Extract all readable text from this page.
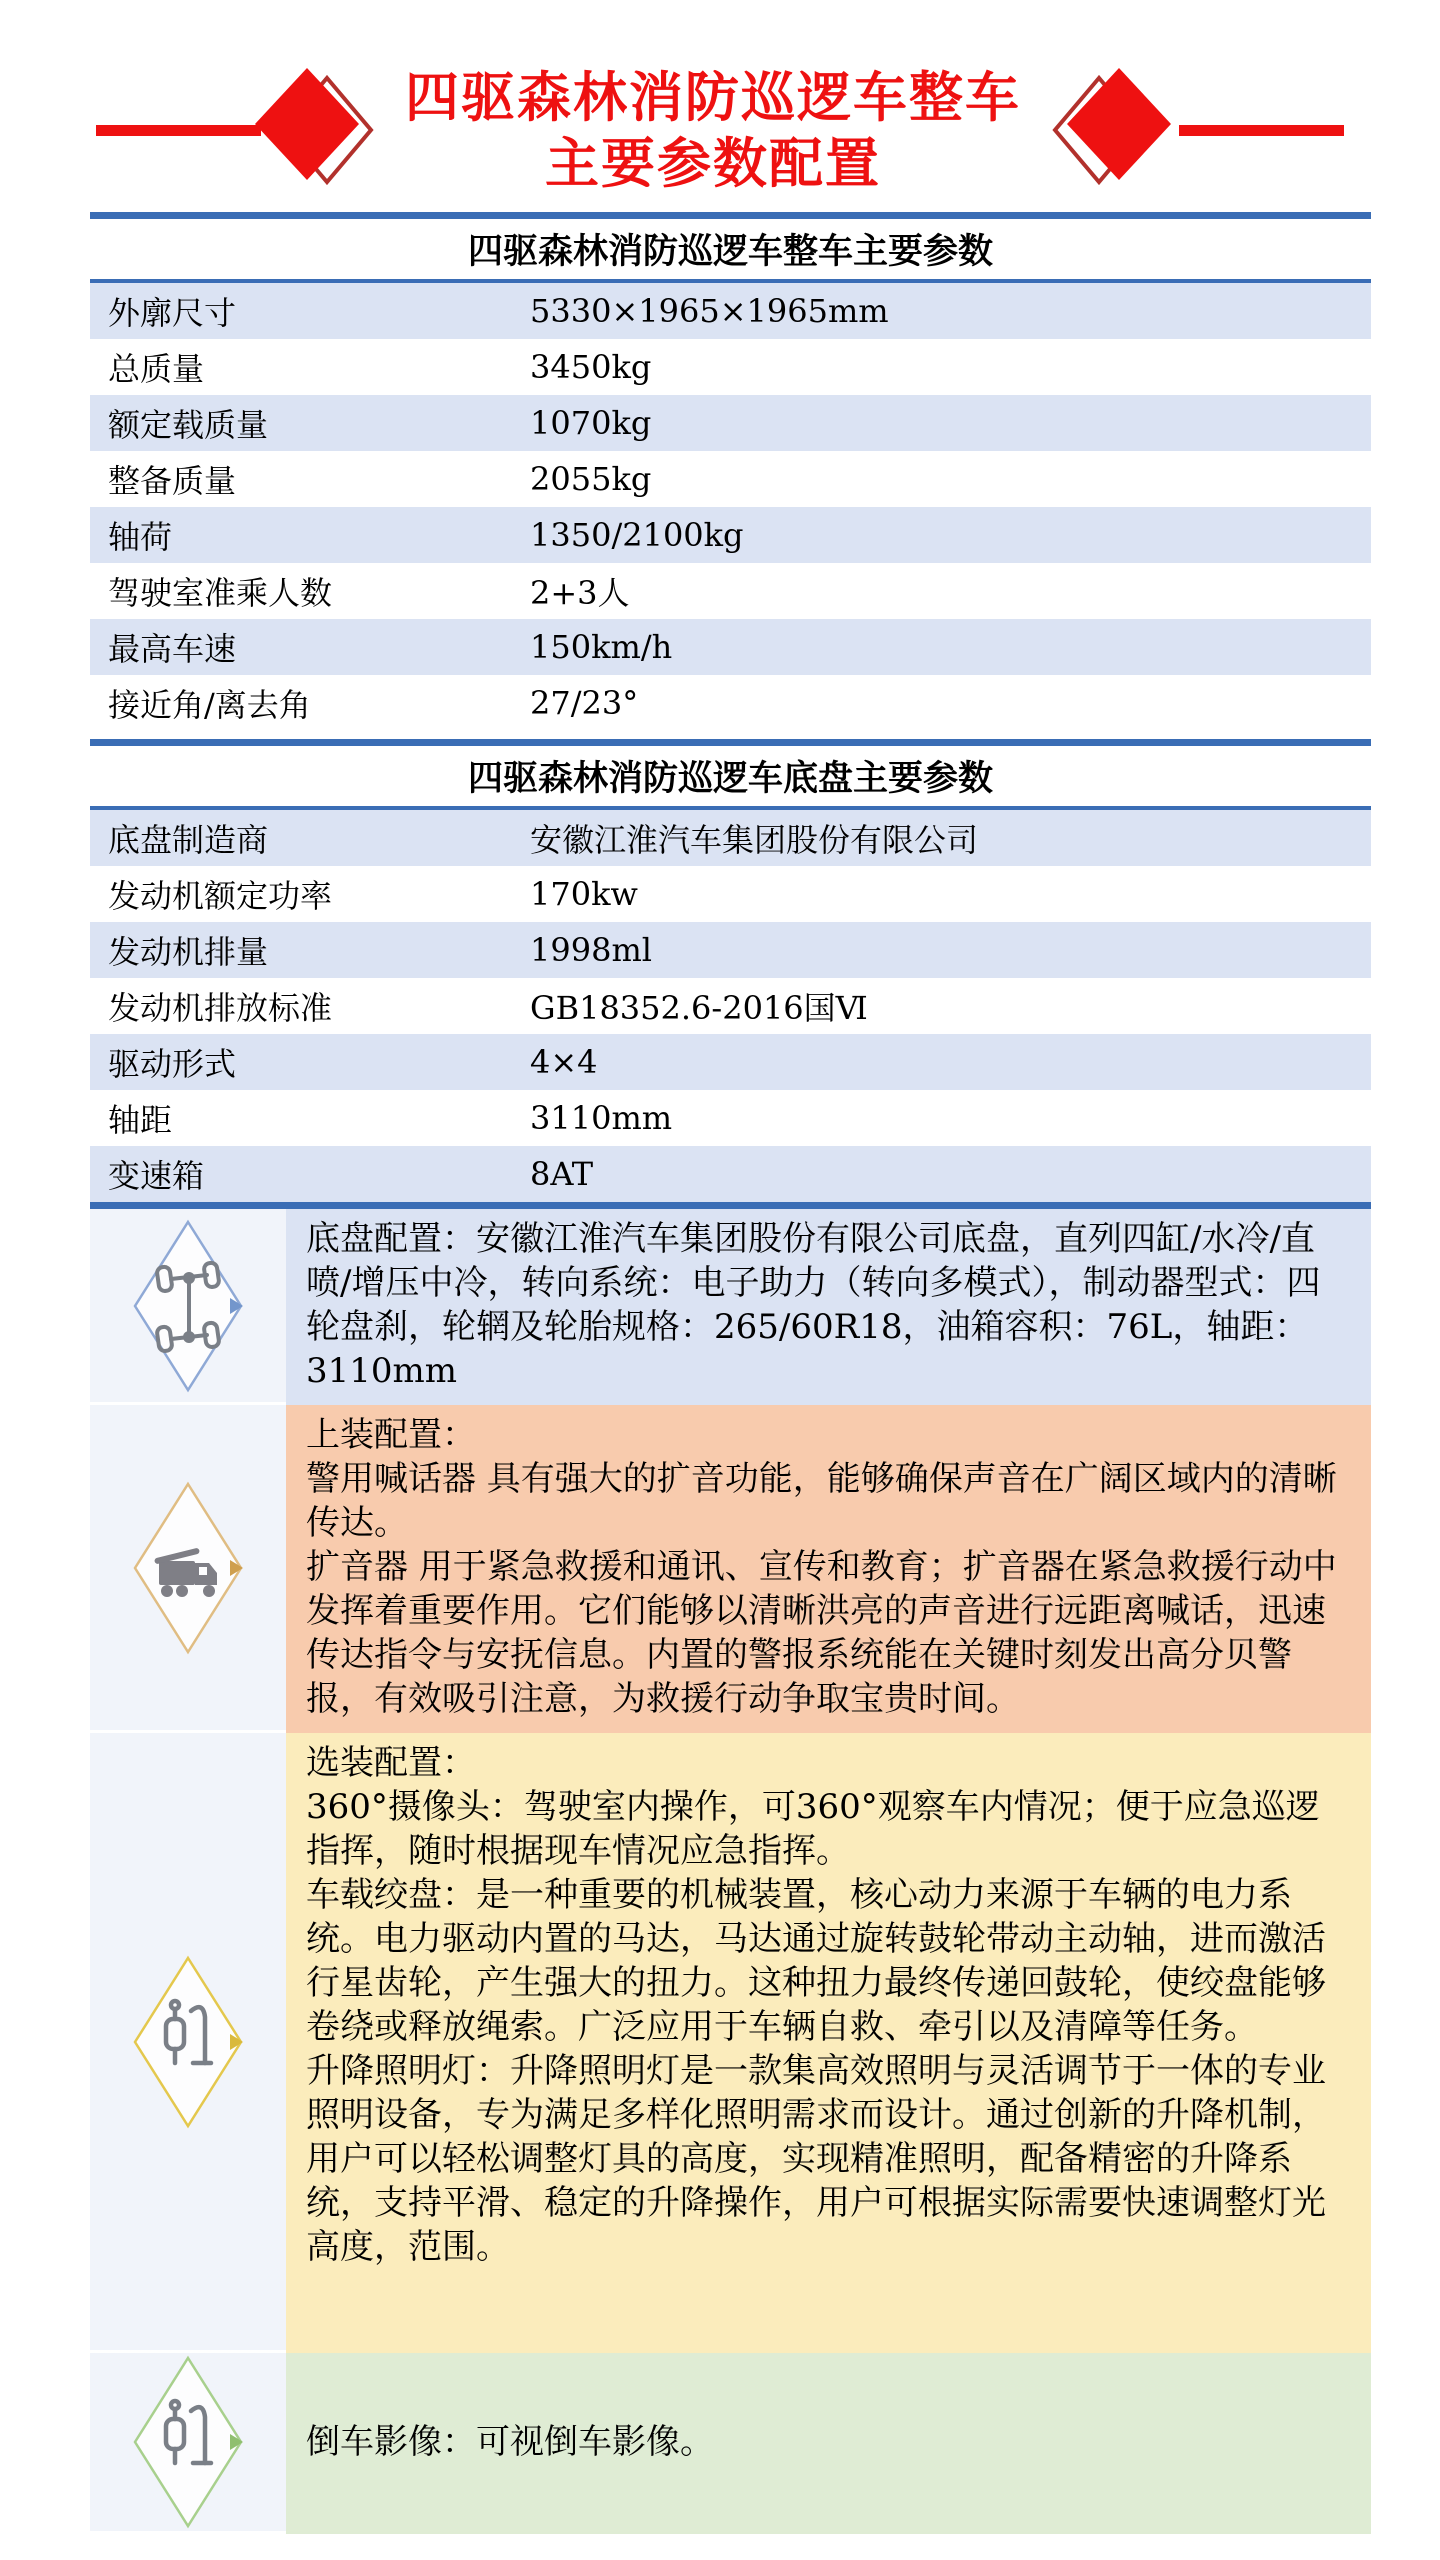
四驱森林消防巡逻车整车
主要参数配置
四驱森林消防巡逻车整车主要参数
外廓尺寸	5330×1965×1965mm
总质量	3450kg
额定载质量	1070kg
整备质量	2055kg
轴荷	1350/2100kg
驾驶室准乘人数	2+3人
最高车速	150km/h
接近角/离去角	27/23°
四驱森林消防巡逻车底盘主要参数
底盘制造商	安徽江淮汽车集团股份有限公司
发动机额定功率	170kw
发动机排量	1998ml
发动机排放标准	GB18352.6-2016国Ⅵ
驱动形式	4×4
轴距	3110mm
变速箱	8AT
底盘配置：安徽江淮汽车集团股份有限公司底盘，直列四缸/水冷/直喷/增压中冷，转向系统：电子助力（转向多模式），制动器型式：四轮盘刹，轮辋及轮胎规格：265/60R18，油箱容积：76L，轴距：3110mm
上装配置：
警用喊话器 具有强大的扩音功能，能够确保声音在广阔区域内的清晰传达。
扩音器 用于紧急救援和通讯、宣传和教育；扩音器在紧急救援行动中发挥着重要作用。它们能够以清晰洪亮的声音进行远距离喊话，迅速传达指令与安抚信息。内置的警报系统能在关键时刻发出高分贝警报，有效吸引注意，为救援行动争取宝贵时间。
选装配置：
360°摄像头：驾驶室内操作，可360°观察车内情况；便于应急巡逻指挥，随时根据现车情况应急指挥。
车载绞盘：是一种重要的机械装置，核心动力来源于车辆的电力系统。电力驱动内置的马达，马达通过旋转鼓轮带动主动轴，进而激活行星齿轮，产生强大的扭力。这种扭力最终传递回鼓轮，使绞盘能够卷绕或释放绳索。广泛应用于车辆自救、牵引以及清障等任务。
升降照明灯：升降照明灯是一款集高效照明与灵活调节于一体的专业照明设备，专为满足多样化照明需求而设计。通过创新的升降机制，用户可以轻松调整灯具的高度，实现精准照明，配备精密的升降系统，支持平滑、稳定的升降操作，用户可根据实际需要快速调整灯光高度，范围。
倒车影像：可视倒车影像。
